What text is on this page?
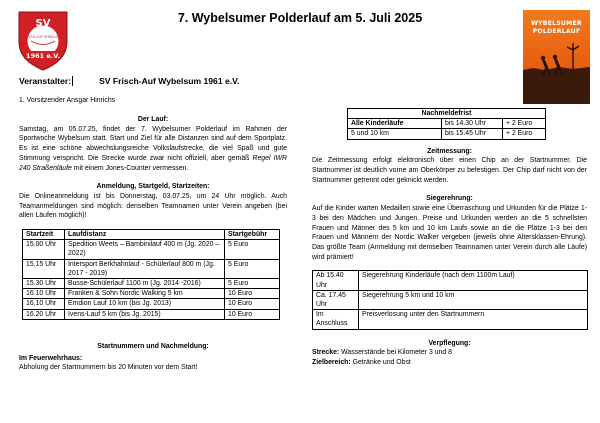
SV
FRISCH-AUF WYBELSUM
1961 e.V.
7. Wybelsumer Polderlauf am 5. Juli 2025	WYBELSUMER
POLDERLAUF
Veranstalter:	SV Frisch-Auf Wybelsum 1961 e.V.
1. Vorsitzender Ansgar Hinrichs
Der Lauf:

Samstag, am 05.07.25, findet der 7. Wybelsumer Polderlauf im Rahmen der Sportwoche Wybelsum statt. Start und Ziel für alle Distanzen sind auf dem Sportplatz. Es ist eine schöne abwechslungsreiche Volkslaufstrecke, die viel Spaß und gute Stimmung verspricht. Die Strecke wurde zwar nicht offiziell, aber gemäß Regel IWR 240 Straßenläufe mit einem Jones-Counter vermessen.

Anmeldung, Startgeld, Startzeiten:

Die Onlineanmeldung ist bis Donnerstag, 03.07.25, um 24 Uhr möglich. Auch Teamanmeldungen sind möglich: denselben Teamnamen unter Verein angeben (bei allen Läufen möglich)!

Startzeit	Laufdistanz	Startgebühr
15.00 Uhr	Spedition Weets – Bambinilauf 400 m (Jg. 2020 – 2022)	5 Euro
15.15 Uhr	Intersport Berkhahnlauf - Schülerlauf 800 m (Jg. 2017 - 2019)	5 Euro
15.30 Uhr	Busse-Schülerlauf 1100 m (Jg. 2014 -2016)	5 Euro
16.10 Uhr	Franken & Sohn Nordic Walking 5 km	10 Euro
16.10 Uhr	Emdion Lauf 10 km (bis Jg. 2013)	10 Euro
16.20 Uhr	Ivens-Lauf 5 km (bis Jg. 2015)	10 Euro
Startnummern und Nachmeldung:
Im Feuerwehrhaus:
Abholung der Startnummern bis 20 Minuten vor dem Start!
Nachmeldefrist		
Alle Kinderläufe	bis 14.30 Uhr	+ 2 Euro
5 und 10 km	bis 15.45 Uhr	+ 2 Euro
Zeitmessung:

Die Zeitmessung erfolgt elektronisch über einen Chip an der Startnummer. Die Startnummer ist deutlich vorne am Oberkörper zu befestigen. Der Chip darf nicht von der Startnummer getrennt oder geknickt werden.

Siegerehrung:

Auf die Kinder warten Medaillen sowie eine Überraschung und Urkunden für die Plätze 1-3 bei den Mädchen und Jungen. Preise und Urkunden werden an die 5 schnellsten Frauen und Männer des 5 km und 10 km Laufs sowie an die die Plätze 1-3 bei den Frauen und Männern der Nordic Walker vergeben (jeweils ohne Altersklassen-Ehrung). Das größte Team (Anmeldung mit demselben Teamnamen unter Verein durch alle Läufe) wird prämiert!

Ab 15.40 Uhr	Siegerehrung Kinderläufe (nach dem 1100m Lauf)
Ca. 17.45 Uhr	Siegerehrung 5 km und 10 km
Im Anschluss	Preisverlosung unter den Startnummern
Verpflegung:
Strecke: Wasserstände bei Kilometer 3 und 8
Zielbereich: Getränke und Obst
